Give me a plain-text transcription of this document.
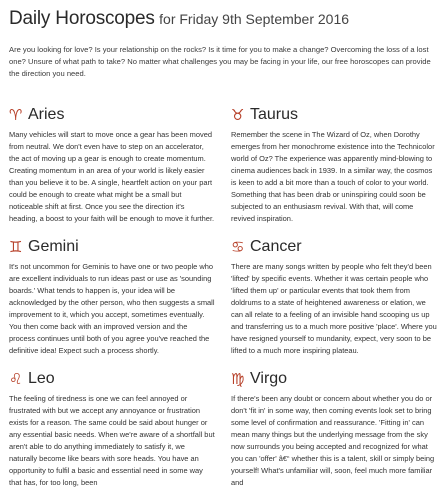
Daily Horoscopes for Friday 9th September 2016
Are you looking for love? Is your relationship on the rocks? Is it time for you to make a change? Overcoming the loss of a lost one? Unsure of what path to take? No matter what challenges you may be facing in your life, our free horoscopes can provide the direction you need.
♈ Aries
Many vehicles will start to move once a gear has been moved from neutral. We don't even have to step on an accelerator, the act of moving up a gear is enough to create momentum. Creating momentum in an area of your world is likely easier than you believe it to be. A single, heartfelt action on your part could be enough to create what might be a small but noticeable shift at first. Once you see the direction it's heading, a boost to your faith will be enough to move it further.
♉ Taurus
Remember the scene in The Wizard of Oz, when Dorothy emerges from her monochrome existence into the Technicolor world of Oz? The experience was apparently mind-blowing to cinema audiences back in 1939. In a similar way, the cosmos is keen to add a bit more than a touch of color to your world. Something that has been drab or uninspiring could soon be subjected to an enthusiasm revival. With that, will come revived inspiration.
♊ Gemini
It's not uncommon for Geminis to have one or two people who are excellent individuals to run ideas past or use as 'sounding boards.' What tends to happen is, your idea will be acknowledged by the other person, who then suggests a small improvement to it, which you accept, sometimes eventually. You then come back with an improved version and the process continues until both of you agree you've reached the definitive idea! Expect such a process shortly.
♋ Cancer
There are many songs written by people who felt they'd been 'lifted' by specific events. Whether it was certain people who 'lifted them up' or particular events that took them from doldrums to a state of heightened awareness or elation, we can all relate to a feeling of an invisible hand scooping us up and transferring us to a much more positive 'place'. Where you have resigned yourself to mundanity, expect, very soon to be lifted to a much more inspiring plateau.
♌ Leo
The feeling of tiredness is one we can feel annoyed or frustrated with but we accept any annoyance or frustration exists for a reason. The same could be said about hunger or any essential basic needs. When we're aware of a shortfall but aren't able to do anything immediately to satisfy it, we naturally become like bears with sore heads. You have an opportunity to fulfil a basic and essential need in some way that has, for too long, been
♍ Virgo
If there's been any doubt or concern about whether you do or don't 'fit in' in some way, then coming events look set to bring some level of confirmation and reassurance. 'Fitting in' can mean many things but the underlying message from the sky now surrounds you being accepted and recognized for what you can 'offer' â€“ whether this is a talent, skill or simply being yourself! What's unfamiliar will, soon, feel much more familiar and
